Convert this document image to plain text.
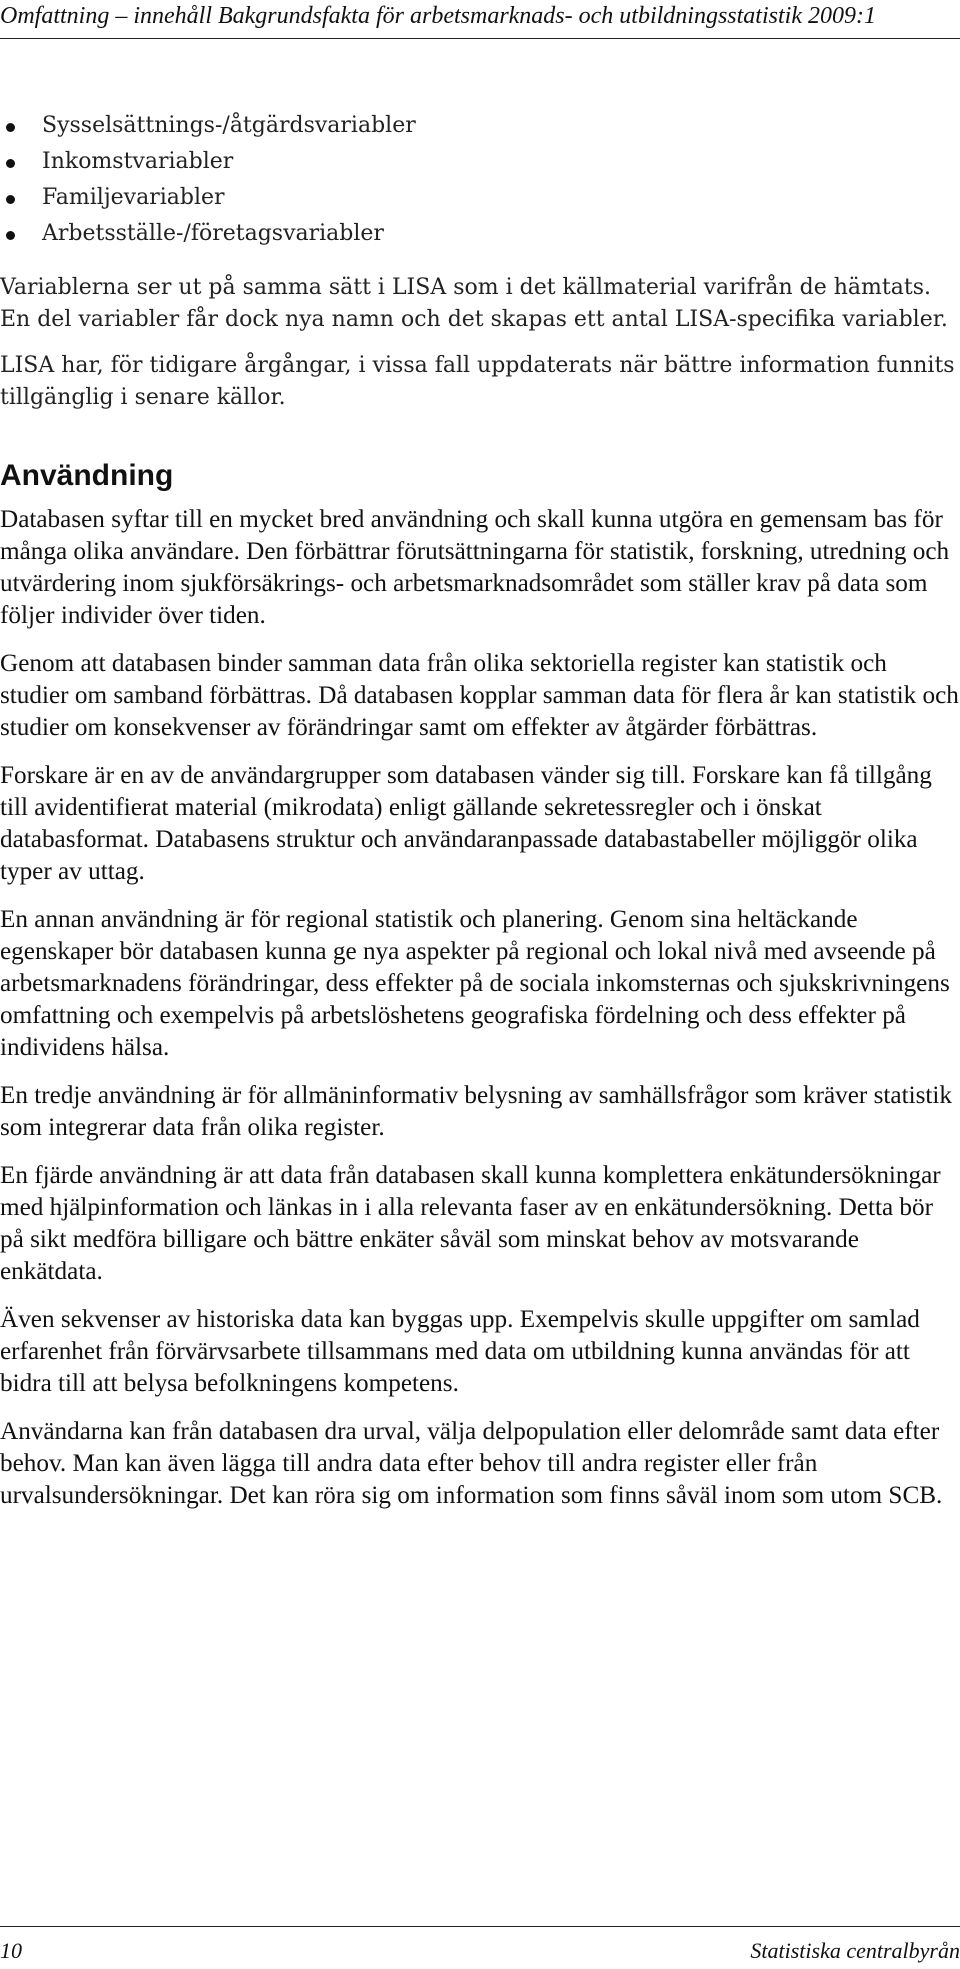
Omfattning – innehåll Bakgrundsfakta för arbetsmarknads- och utbildningsstatistik 2009:1
Sysselsättnings-/åtgärdsvariabler
Inkomstvariabler
Familjevariabler
Arbetsställe-/företagsvariabler

Variablerna ser ut på samma sätt i LISA som i det källmaterial varifrån de hämtats. En del variabler får dock nya namn och det skapas ett antal LISA-specifika variabler.

LISA har, för tidigare årgångar, i vissa fall uppdaterats när bättre information funnits tillgänglig i senare källor.

Användning

Databasen syftar till en mycket bred användning och skall kunna utgöra en gemensam bas för många olika användare. Den förbättrar förutsättningarna för statistik, forskning, utredning och utvärdering inom sjukförsäkrings- och arbetsmarknadsområdet som ställer krav på data som följer individer över tiden.

Genom att databasen binder samman data från olika sektoriella register kan statistik och studier om samband förbättras. Då databasen kopplar samman data för flera år kan statistik och studier om konsekvenser av förändringar samt om effekter av åtgärder förbättras.

Forskare är en av de användargrupper som databasen vänder sig till. Forskare kan få tillgång till avidentifierat material (mikrodata) enligt gällande sekretessregler och i önskat databasformat. Databasens struktur och användaranpassade databastabeller möjliggör olika typer av uttag.

En annan användning är för regional statistik och planering. Genom sina heltäckande egenskaper bör databasen kunna ge nya aspekter på regional och lokal nivå med avseende på arbetsmarknadens förändringar, dess effekter på de sociala inkomsternas och sjukskrivningens omfattning och exempelvis på arbetslöshetens geografiska fördelning och dess effekter på individens hälsa.

En tredje användning är för allmäninformativ belysning av samhällsfrågor som kräver statistik som integrerar data från olika register.

En fjärde användning är att data från databasen skall kunna komplettera enkätundersökningar med hjälpinformation och länkas in i alla relevanta faser av en enkätundersökning. Detta bör på sikt medföra billigare och bättre enkäter såväl som minskat behov av motsvarande enkätdata.

Även sekvenser av historiska data kan byggas upp. Exempelvis skulle uppgifter om samlad erfarenhet från förvärvsarbete tillsammans med data om utbildning kunna användas för att bidra till att belysa befolkningens kompetens.

Användarna kan från databasen dra urval, välja delpopulation eller delområde samt data efter behov. Man kan även lägga till andra data efter behov till andra register eller från urvalsundersökningar. Det kan röra sig om information som finns såväl inom som utom SCB.

10	Statistiska centralbyrån
